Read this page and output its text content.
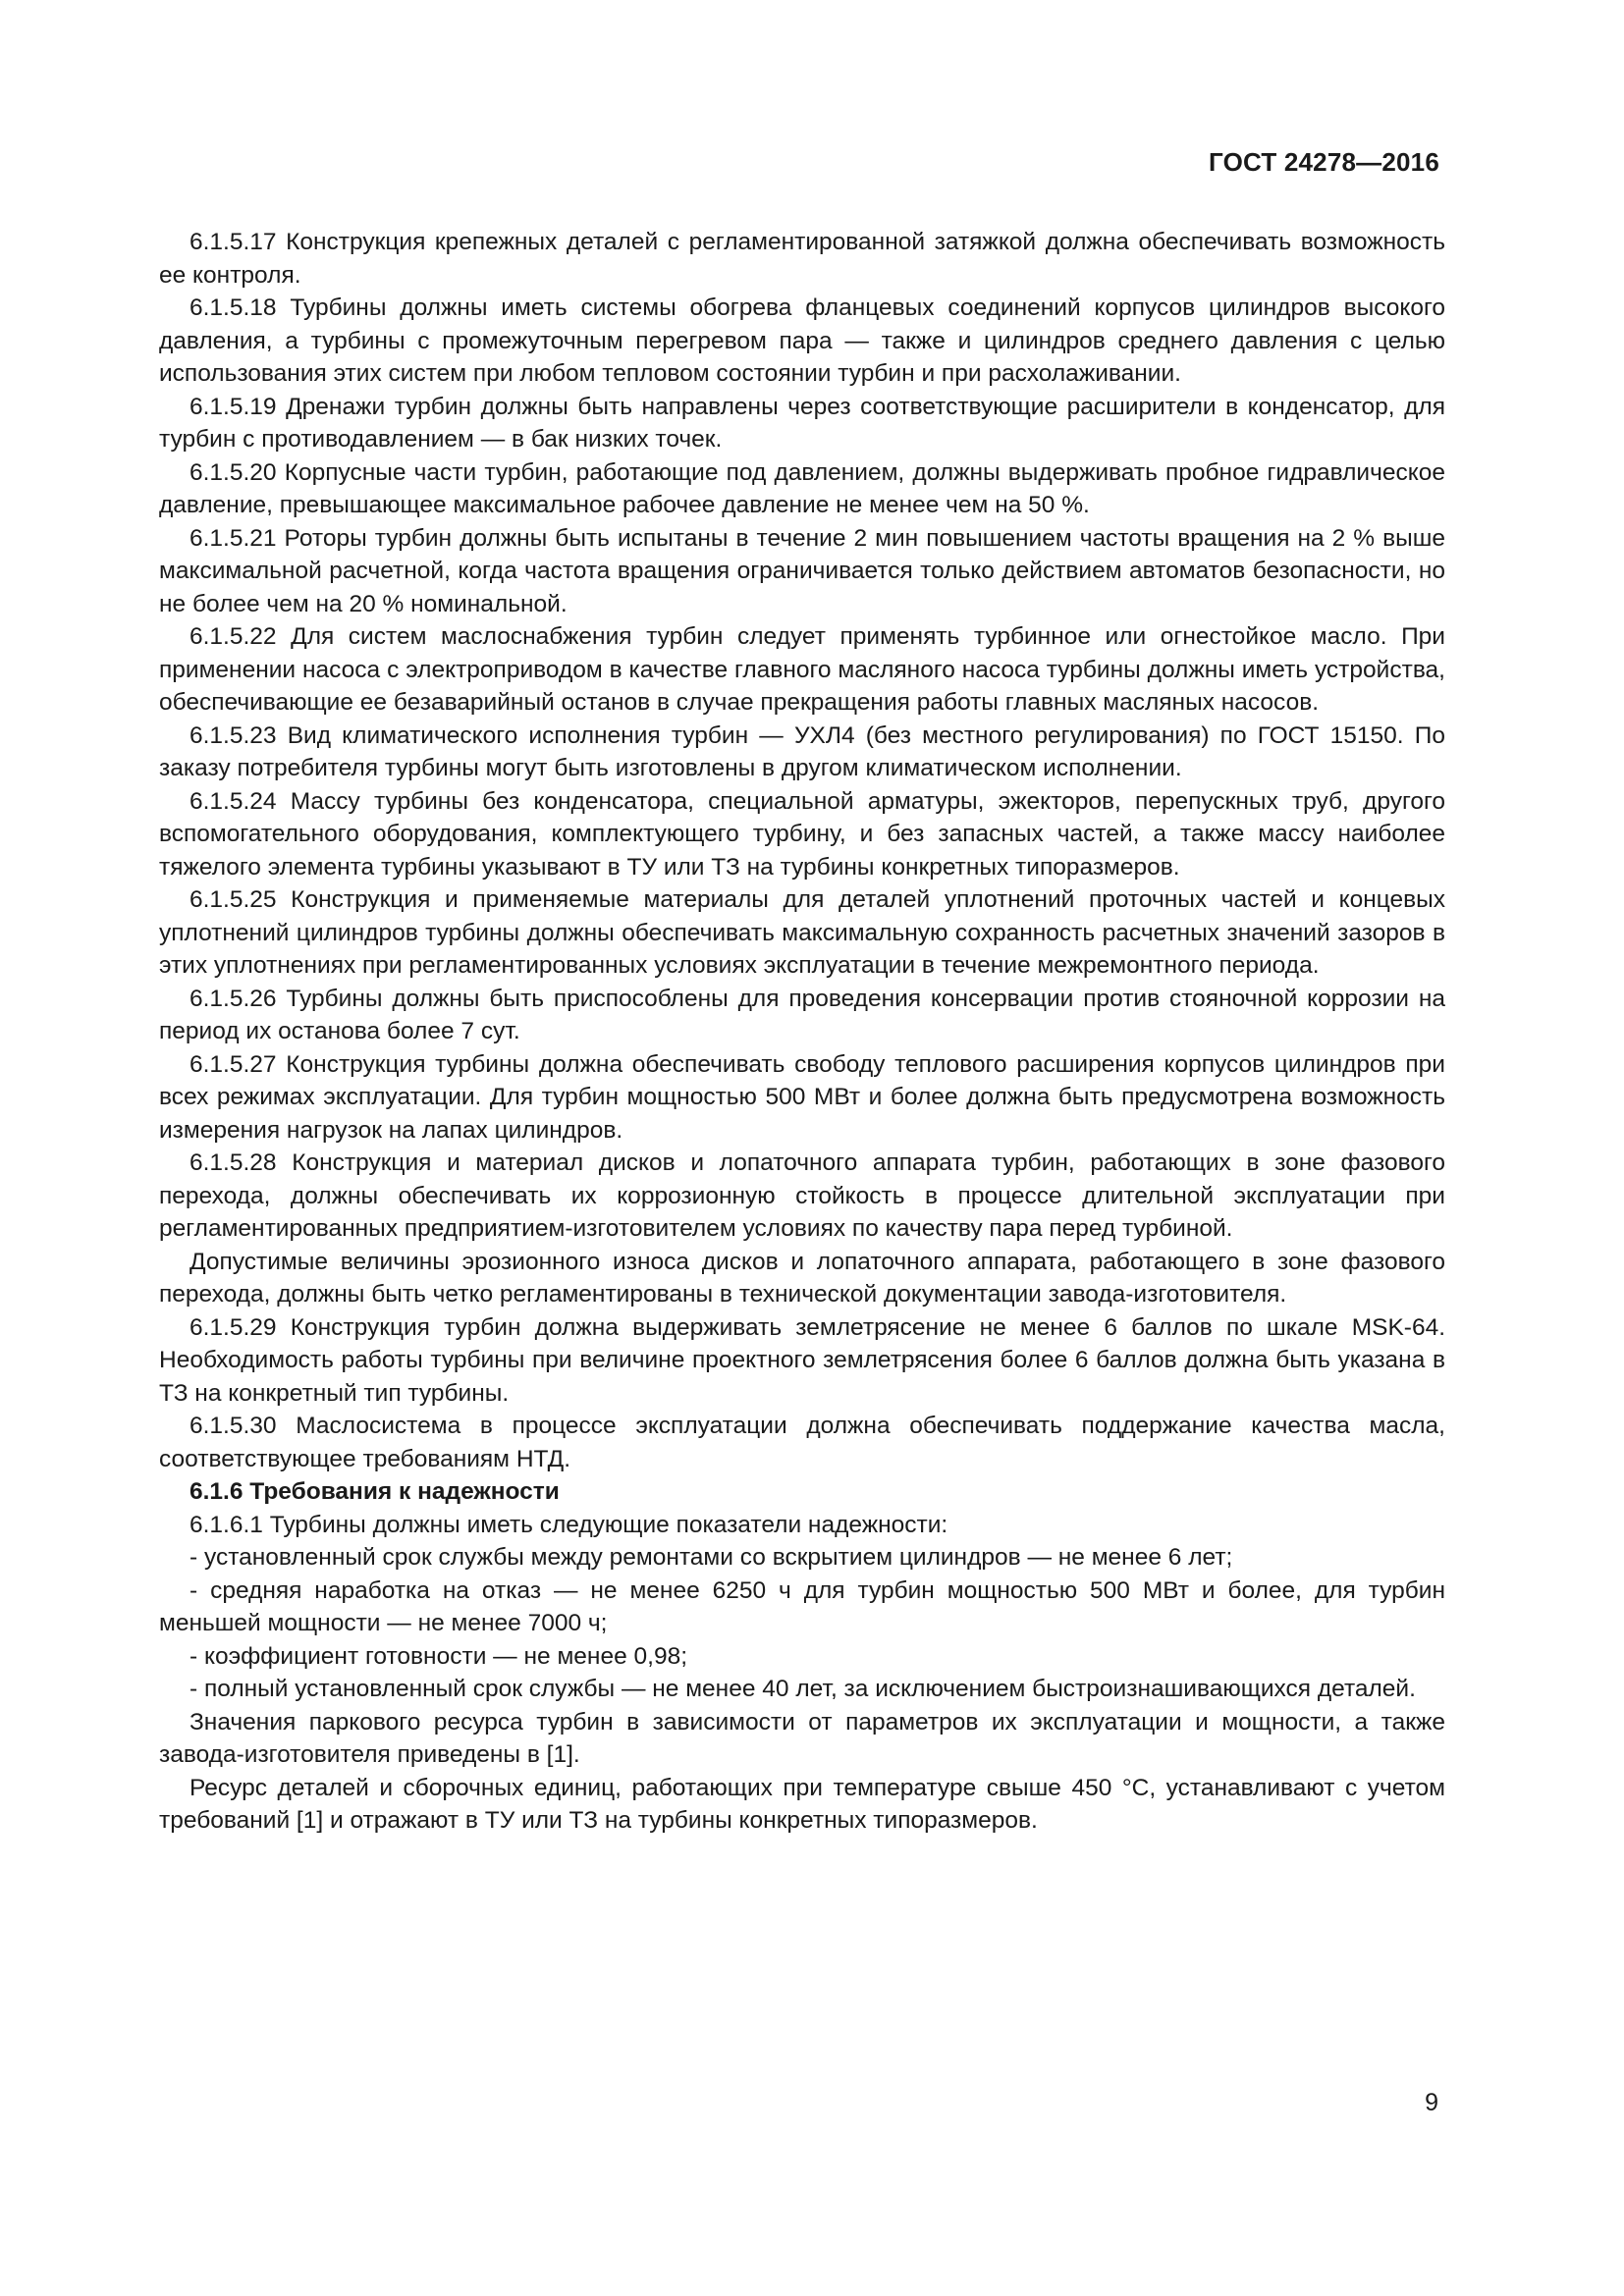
ГОСТ 24278—2016

6.1.5.17 Конструкция крепежных деталей с регламентированной затяжкой должна обеспечивать возможность ее контроля.

6.1.5.18 Турбины должны иметь системы обогрева фланцевых соединений корпусов цилиндров высокого давления, а турбины с промежуточным перегревом пара — также и цилиндров среднего давления с целью использования этих систем при любом тепловом состоянии турбин и при расхолаживании.

6.1.5.19 Дренажи турбин должны быть направлены через соответствующие расширители в конденсатор, для турбин с противодавлением — в бак низких точек.

6.1.5.20 Корпусные части турбин, работающие под давлением, должны выдерживать пробное гидравлическое давление, превышающее максимальное рабочее давление не менее чем на 50 %.

6.1.5.21 Роторы турбин должны быть испытаны в течение 2 мин повышением частоты вращения на 2 % выше максимальной расчетной, когда частота вращения ограничивается только действием автоматов безопасности, но не более чем на 20 % номинальной.

6.1.5.22 Для систем маслоснабжения турбин следует применять турбинное или огнестойкое масло. При применении насоса с электроприводом в качестве главного масляного насоса турбины должны иметь устройства, обеспечивающие ее безаварийный останов в случае прекращения работы главных масляных насосов.

6.1.5.23 Вид климатического исполнения турбин — УХЛ4 (без местного регулирования) по ГОСТ 15150. По заказу потребителя турбины могут быть изготовлены в другом климатическом исполнении.

6.1.5.24 Массу турбины без конденсатора, специальной арматуры, эжекторов, перепускных труб, другого вспомогательного оборудования, комплектующего турбину, и без запасных частей, а также массу наиболее тяжелого элемента турбины указывают в ТУ или ТЗ на турбины конкретных типоразмеров.

6.1.5.25 Конструкция и применяемые материалы для деталей уплотнений проточных частей и концевых уплотнений цилиндров турбины должны обеспечивать максимальную сохранность расчетных значений зазоров в этих уплотнениях при регламентированных условиях эксплуатации в течение межремонтного периода.

6.1.5.26 Турбины должны быть приспособлены для проведения консервации против стояночной коррозии на период их останова более 7 сут.

6.1.5.27 Конструкция турбины должна обеспечивать свободу теплового расширения корпусов цилиндров при всех режимах эксплуатации. Для турбин мощностью 500 МВт и более должна быть предусмотрена возможность измерения нагрузок на лапах цилиндров.

6.1.5.28 Конструкция и материал дисков и лопаточного аппарата турбин, работающих в зоне фазового перехода, должны обеспечивать их коррозионную стойкость в процессе длительной эксплуатации при регламентированных предприятием-изготовителем условиях по качеству пара перед турбиной.

Допустимые величины эрозионного износа дисков и лопаточного аппарата, работающего в зоне фазового перехода, должны быть четко регламентированы в технической документации завода-изготовителя.

6.1.5.29 Конструкция турбин должна выдерживать землетрясение не менее 6 баллов по шкале MSK-64. Необходимость работы турбины при величине проектного землетрясения более 6 баллов должна быть указана в ТЗ на конкретный тип турбины.

6.1.5.30 Маслосистема в процессе эксплуатации должна обеспечивать поддержание качества масла, соответствующее требованиям НТД.

6.1.6 Требования к надежности

6.1.6.1 Турбины должны иметь следующие показатели надежности:

- установленный срок службы между ремонтами со вскрытием цилиндров — не менее 6 лет;

- средняя наработка на отказ — не менее 6250 ч для турбин мощностью 500 МВт и более, для турбин меньшей мощности — не менее 7000 ч;

- коэффициент готовности — не менее 0,98;

- полный установленный срок службы — не менее 40 лет, за исключением быстроизнашивающихся деталей.

Значения паркового ресурса турбин в зависимости от параметров их эксплуатации и мощности, а также завода-изготовителя приведены в [1].

Ресурс деталей и сборочных единиц, работающих при температуре свыше 450 °С, устанавливают с учетом требований [1] и отражают в ТУ или ТЗ на турбины конкретных типоразмеров.

9
